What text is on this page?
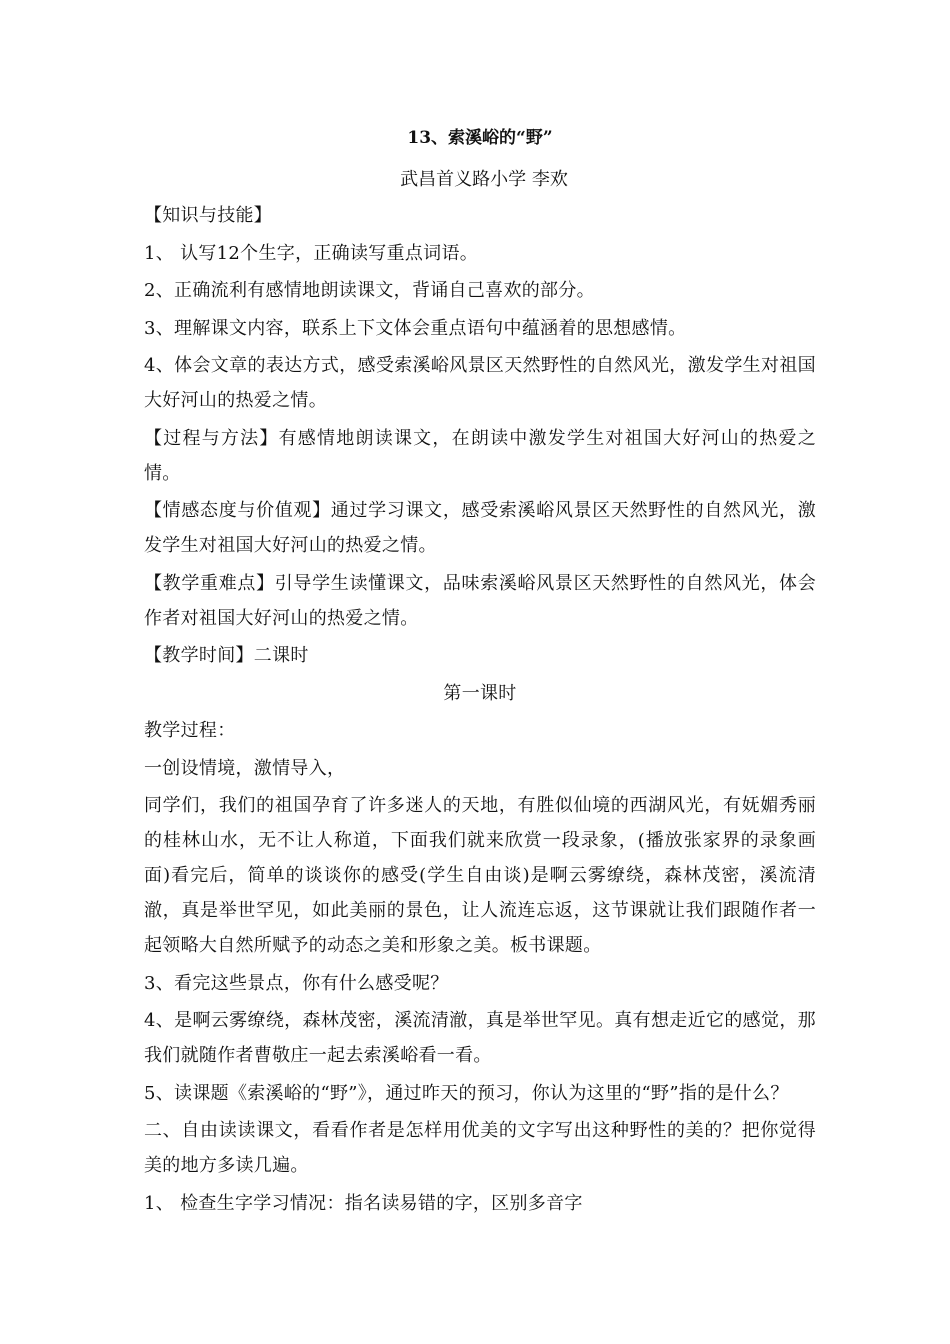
13、索溪峪的“野”
武昌首义路小学 李欢

【知识与技能】

1、 认写12个生字，正确读写重点词语。

2、正确流利有感情地朗读课文，背诵自己喜欢的部分。

3、理解课文内容，联系上下文体会重点语句中蕴涵着的思想感情。

4、体会文章的表达方式，感受索溪峪风景区天然野性的自然风光，激发学生对祖国大好河山的热爱之情。

【过程与方法】有感情地朗读课文，在朗读中激发学生对祖国大好河山的热爱之情。

【情感态度与价值观】通过学习课文，感受索溪峪风景区天然野性的自然风光，激发学生对祖国大好河山的热爱之情。

【教学重难点】引导学生读懂课文，品味索溪峪风景区天然野性的自然风光，体会作者对祖国大好河山的热爱之情。

【教学时间】二课时

第一课时

教学过程：

一创设情境，激情导入，

同学们，我们的祖国孕育了许多迷人的天地，有胜似仙境的西湖风光，有妩媚秀丽的桂林山水，无不让人称道，下面我们就来欣赏一段录象，(播放张家界的录象画面)看完后，简单的谈谈你的感受(学生自由谈)是啊云雾缭绕，森林茂密，溪流清澈，真是举世罕见，如此美丽的景色，让人流连忘返，这节课就让我们跟随作者一起领略大自然所赋予的动态之美和形象之美。板书课题。

3、看完这些景点，你有什么感受呢？

4、是啊云雾缭绕，森林茂密，溪流清澈，真是举世罕见。真有想走近它的感觉，那我们就随作者曹敬庄一起去索溪峪看一看。

5、读课题《索溪峪的“野”》，通过昨天的预习，你认为这里的“野”指的是什么？

二、自由读读课文，看看作者是怎样用优美的文字写出这种野性的美的？把你觉得美的地方多读几遍。

1、 检查生字学习情况：指名读易错的字，区别多音字
